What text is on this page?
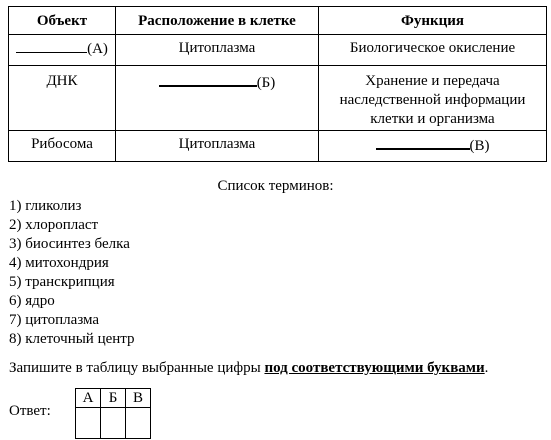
Объект	Расположение в клетке	Функция
(А)	Цитоплазма	Биологическое окисление
ДНК	(Б)	Хранение и передача
наследственной информации
клетки и организма

Рибосома	Цитоплазма	(В)
Список терминов:
1) гликолиз
2) хлоропласт
3) биосинтез белка
4) митохондрия
5) транскрипция
6) ядро
7) цитоплазма
8) клеточный центр
Запишите в таблицу выбранные цифры под соответствующими буквами.
Ответ:
А	Б	В
